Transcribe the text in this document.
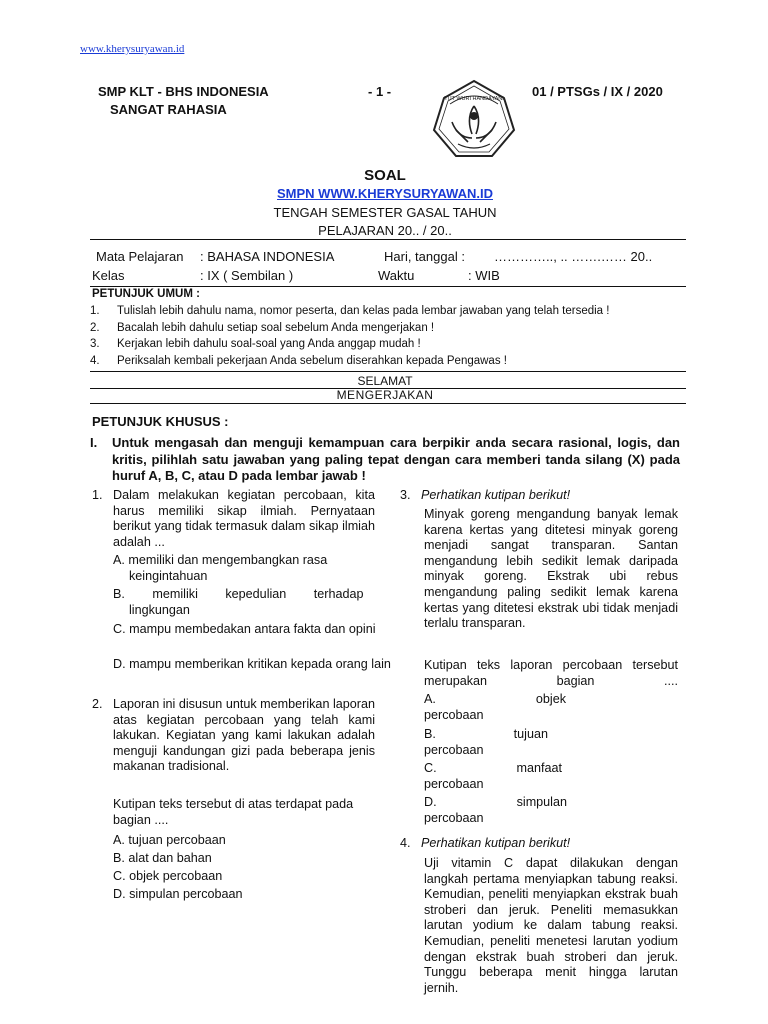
www.kherysuryawan.id
SMP KLT - BHS INDONESIA	- 1 -	01 / PTSGs / IX / 2020
SANGAT RAHASIA
TUT WURI HANDAYANI
SOAL
SMPN WWW.KHERYSURYAWAN.ID
TENGAH SEMESTER GASAL TAHUN
PELAJARAN 20.. / 20..
Mata Pelajaran : BAHASA INDONESIA	Hari, tanggal : ………….., .. …….…… 20..
Kelas	: IX ( Sembilan )	Waktu	: WIB
PETUNJUK UMUM :
1. Tulislah lebih dahulu nama, nomor peserta, dan kelas pada lembar jawaban yang telah tersedia !
2. Bacalah lebih dahulu setiap soal sebelum Anda mengerjakan !
3. Kerjakan lebih dahulu soal-soal yang Anda anggap mudah !
4. Periksalah kembali pekerjaan Anda sebelum diserahkan kepada Pengawas !
SELAMAT
MENGERJAKAN
PETUNJUK KHUSUS :
I. Untuk mengasah dan menguji kemampuan cara berpikir anda secara rasional, logis, dan kritis, pilihlah satu jawaban yang paling tepat dengan cara memberi tanda silang (X) pada huruf A, B, C, atau D pada lembar jawab !
1. Dalam melakukan kegiatan percobaan, kita harus memiliki sikap ilmiah. Pernyataan berikut yang tidak termasuk dalam sikap ilmiah adalah ...
A. memiliki dan mengembangkan rasa keingintahuan
B. memiliki kepedulian terhadap lingkungan
C. mampu membedakan antara fakta dan opini
D. mampu memberikan kritikan kepada orang lain
2. Laporan ini disusun untuk memberikan laporan atas kegiatan percobaan yang telah kami lakukan. Kegiatan yang kami lakukan adalah menguji kandungan gizi pada beberapa jenis makanan tradisional.
Kutipan teks tersebut di atas terdapat pada bagian ....
A. tujuan percobaan
B. alat dan bahan
C. objek percobaan
D. simpulan percobaan
3. Perhatikan kutipan berikut!
Minyak goreng mengandung banyak lemak karena kertas yang ditetesi minyak goreng menjadi sangat transparan. Santan mengandung lebih sedikit lemak daripada minyak goreng. Ekstrak ubi rebus mengandung paling sedikit lemak karena kertas yang ditetesi ekstrak ubi tidak menjadi terlalu transparan.
Kutipan teks laporan percobaan tersebut merupakan bagian ....
A.	objek
percobaan
B.	tujuan
percobaan
C.	manfaat
percobaan
D.	simpulan
percobaan
4. Perhatikan kutipan berikut!
Uji vitamin C dapat dilakukan dengan langkah pertama menyiapkan tabung reaksi. Kemudian, peneliti menyiapkan ekstrak buah stroberi dan jeruk. Peneliti memasukkan larutan yodium ke dalam tabung reaksi. Kemudian, peneliti menetesi larutan yodium dengan ekstrak buah stroberi dan jeruk. Tunggu beberapa menit hingga larutan jernih.
